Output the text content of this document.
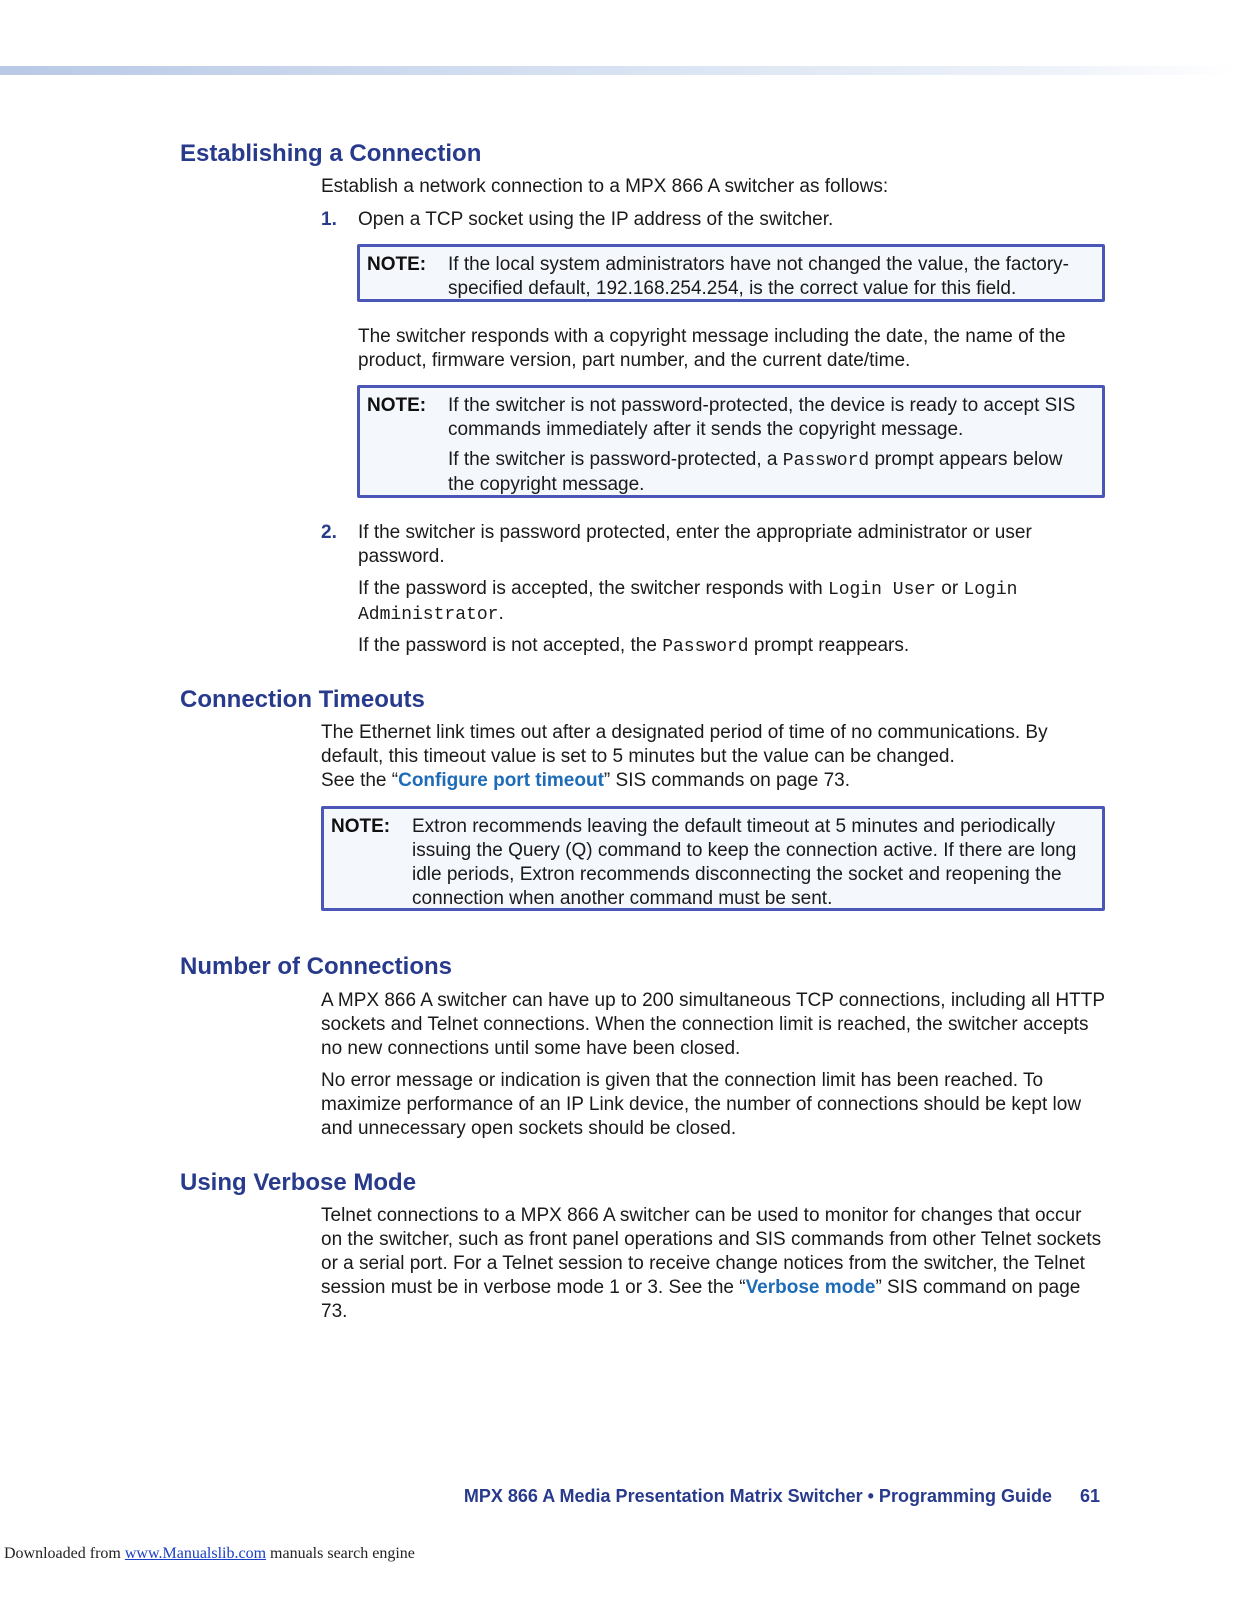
Establishing a Connection

Establish a network connection to a MPX 866 A switcher as follows:

1. Open a TCP socket using the IP address of the switcher.

NOTE: If the local system administrators have not changed the value, the factory-specified default, 192.168.254.254, is the correct value for this field.

The switcher responds with a copyright message including the date, the name of the product, firmware version, part number, and the current date/time.

NOTE: If the switcher is not password-protected, the device is ready to accept SIS commands immediately after it sends the copyright message.

If the switcher is password-protected, a Password prompt appears below the copyright message.

2. If the switcher is password protected, enter the appropriate administrator or user password.

If the password is accepted, the switcher responds with Login User or Login Administrator.

If the password is not accepted, the Password prompt reappears.

Connection Timeouts

The Ethernet link times out after a designated period of time of no communications. By default, this timeout value is set to 5 minutes but the value can be changed.

See the “Configure port timeout” SIS commands on page 73.

NOTE: Extron recommends leaving the default timeout at 5 minutes and periodically issuing the Query (Q) command to keep the connection active. If there are long idle periods, Extron recommends disconnecting the socket and reopening the connection when another command must be sent.

Number of Connections

A MPX 866 A switcher can have up to 200 simultaneous TCP connections, including all HTTP sockets and Telnet connections. When the connection limit is reached, the switcher accepts no new connections until some have been closed.

No error message or indication is given that the connection limit has been reached. To maximize performance of an IP Link device, the number of connections should be kept low and unnecessary open sockets should be closed.

Using Verbose Mode

Telnet connections to a MPX 866 A switcher can be used to monitor for changes that occur on the switcher, such as front panel operations and SIS commands from other Telnet sockets or a serial port. For a Telnet session to receive change notices from the switcher, the Telnet session must be in verbose mode 1 or 3. See the “Verbose mode” SIS command on page 73.

MPX 866 A Media Presentation Matrix Switcher • Programming Guide 61
Downloaded from www.Manualslib.com manuals search engine
